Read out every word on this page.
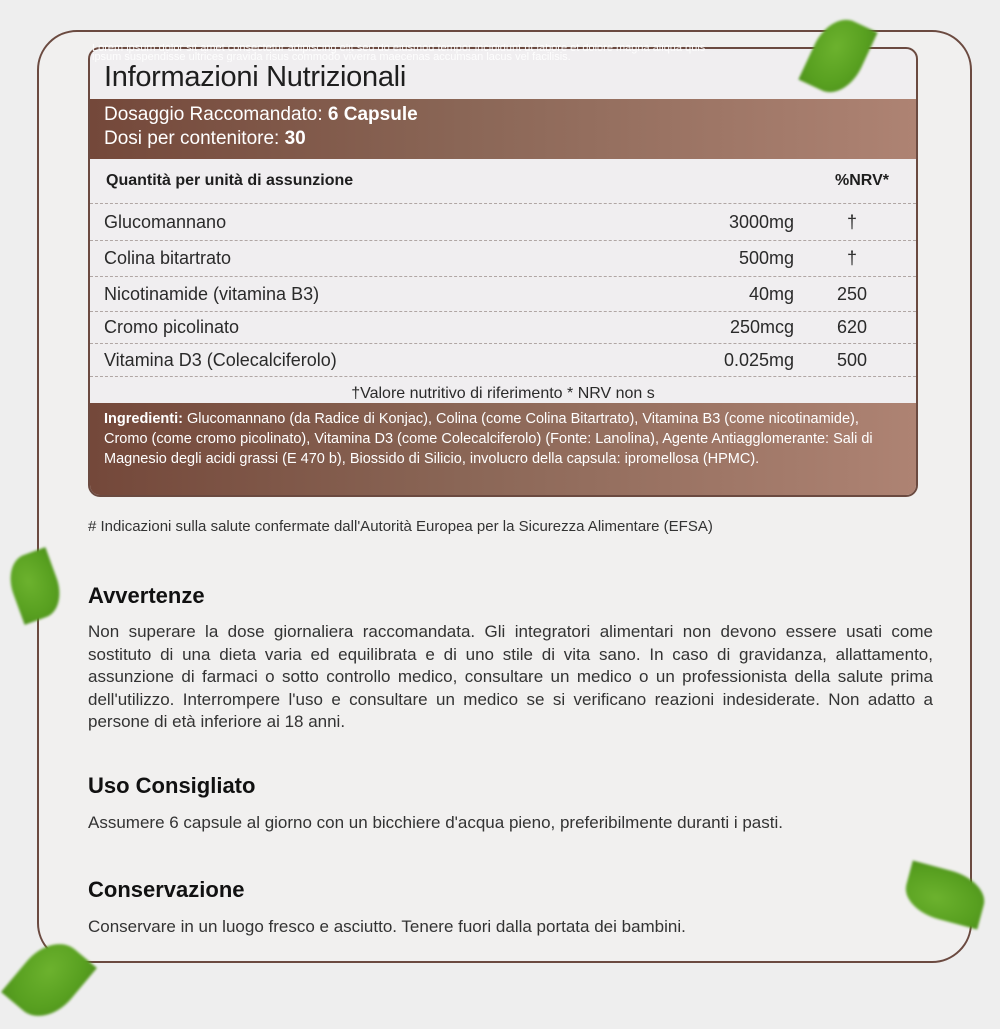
Informazioni Nutrizionali
Dosaggio Raccomandato: 6 Capsule
Dosi per contenitore: 30
Quantità per unità di assunzione	%NRV*
Glucomannano	3000mg	†
Colina bitartrato	500mg	†
Nicotinamide (vitamina B3)	40mg	250
Cromo picolinato	250mcg	620
Vitamina D3 (Colecalciferolo)	0.025mg	500
†Valore nutritivo di riferimento * NRV non s
Ingredienti: Glucomannano (da Radice di Konjac), Colina (come Colina Bitartrato), Vitamina B3 (come nicotinamide), Cromo (come cromo picolinato), Vitamina D3 (come Colecalciferolo) (Fonte: Lanolina), Agente Antiagglomerante: Sali di Magnesio degli acidi grassi (E 470 b), Biossido di Silicio, involucro della capsula: ipromellosa (HPMC).
Lorem ipsum dolor sit amet consectetur adipiscing elit sed do eiusmod tempor incididunt ut labore et dolore magna aliqua quis
ipsum suspendisse ultrices gravida risus commodo viverra maecenas accumsan lacus vel facilisis.
# Indicazioni sulla salute confermate dall'Autorità Europea per la Sicurezza Alimentare (EFSA)
Avvertenze
Non superare la dose giornaliera raccomandata. Gli integratori alimentari non devono essere usati come sostituto di una dieta varia ed equilibrata e di uno stile di vita sano. In caso di gravidanza, allattamento, assunzione di farmaci o sotto controllo medico, consultare un medico o un professionista della salute prima dell'utilizzo. Interrompere l'uso e consultare un medico se si verificano reazioni indesiderate. Non adatto a persone di età inferiore ai 18 anni.
Uso Consigliato
Assumere 6 capsule al giorno con un bicchiere d'acqua pieno, preferibilmente duranti i pasti.
Conservazione
Conservare in un luogo fresco e asciutto. Tenere fuori dalla portata dei bambini.
